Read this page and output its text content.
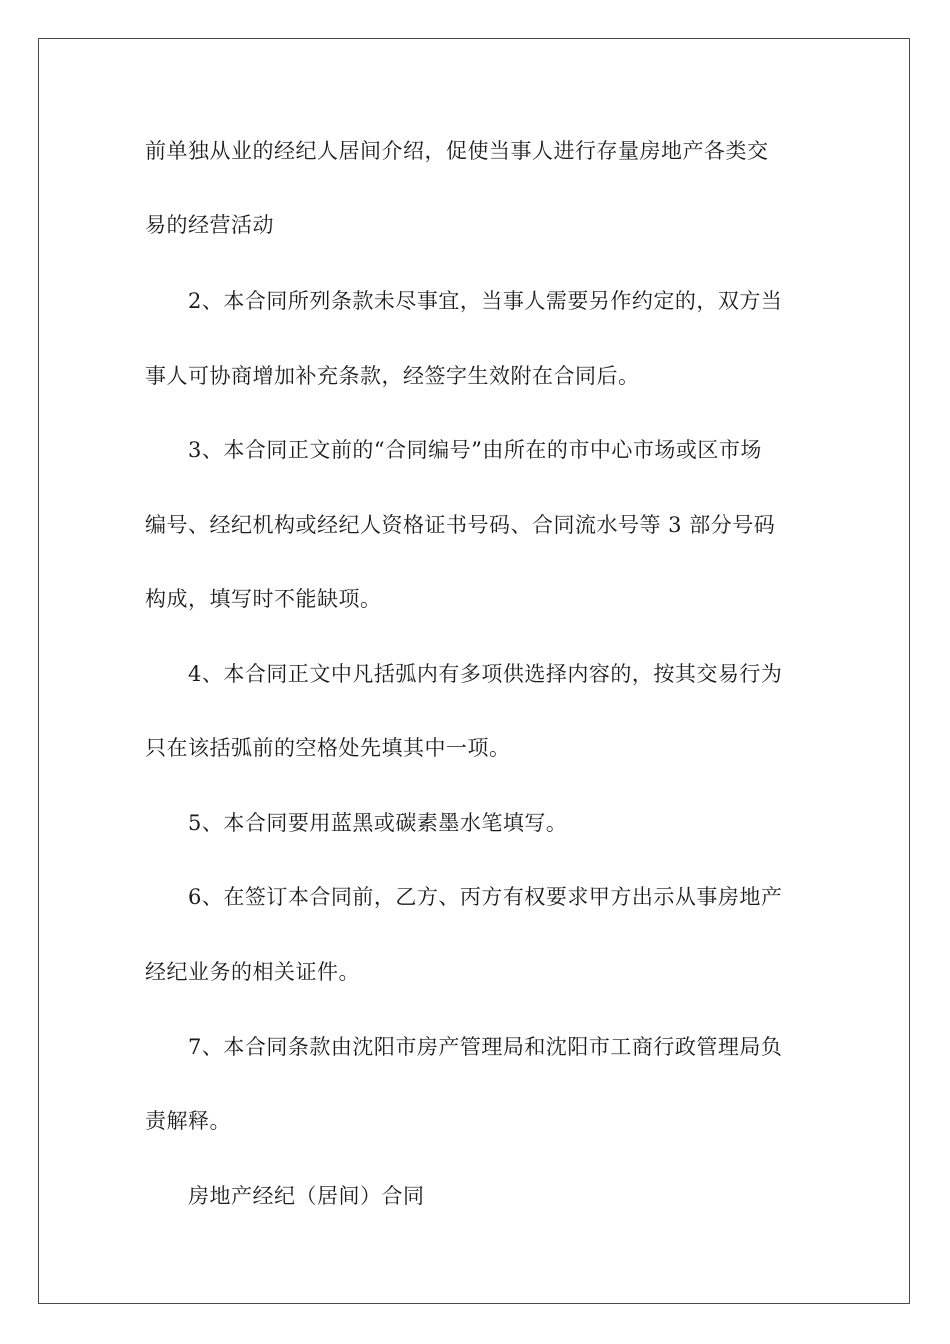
前单独从业的经纪人居间介绍，促使当事人进行存量房地产各类交
易的经营活动
2、本合同所列条款未尽事宜，当事人需要另作约定的，双方当
事人可协商增加补充条款，经签字生效附在合同后。
3、本合同正文前的“合同编号”由所在的市中心市场或区市场
编号、经纪机构或经纪人资格证书号码、合同流水号等 3 部分号码
构成，填写时不能缺项。
4、本合同正文中凡括弧内有多项供选择内容的，按其交易行为
只在该括弧前的空格处先填其中一项。
5、本合同要用蓝黑或碳素墨水笔填写。
6、在签订本合同前，乙方、丙方有权要求甲方出示从事房地产
经纪业务的相关证件。
7、本合同条款由沈阳市房产管理局和沈阳市工商行政管理局负
责解释。
房地产经纪（居间）合同
